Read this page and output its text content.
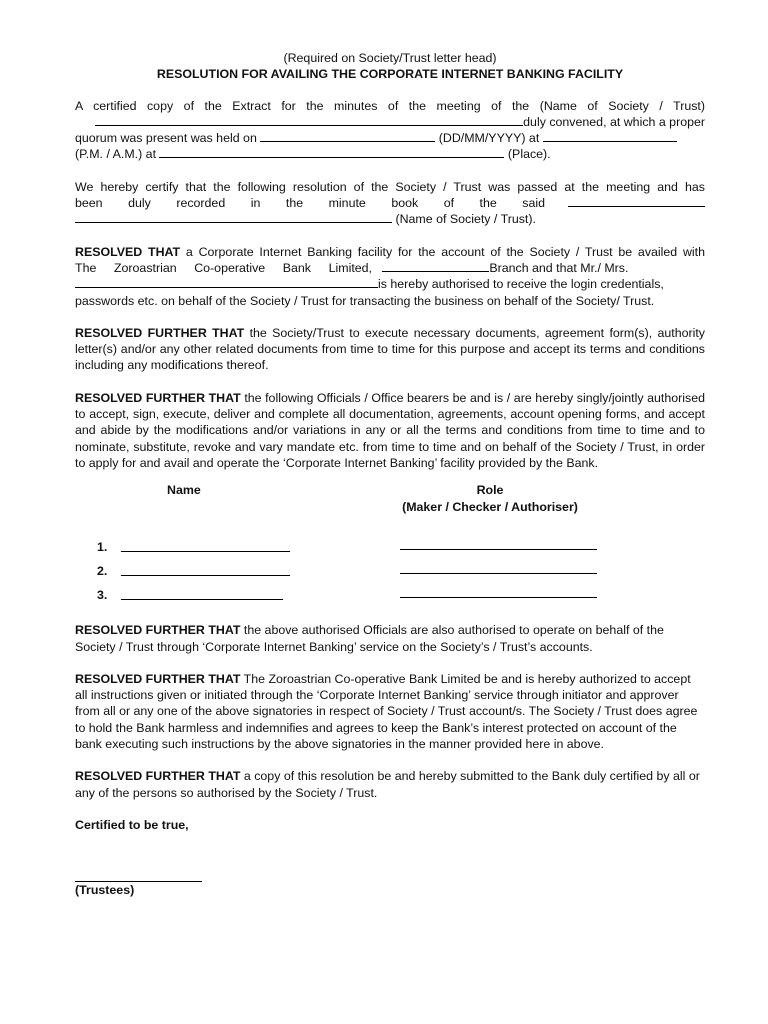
(Required on Society/Trust letter head)

RESOLUTION FOR AVAILING THE CORPORATE INTERNET BANKING FACILITY

A certified copy of the Extract for the minutes of the meeting of the (Name of Society / Trust)

duly convened, at which a proper

quorum was present was held on	(DD/MM/YYYY) at

(P.M. / A.M.) at	(Place).

We hereby certify that the following resolution of the Society / Trust was passed at the meeting and has

been duly recorded in the minute book of the said

(Name of Society / Trust).

RESOLVED THAT a Corporate Internet Banking facility for the account of the Society / Trust be availed with

The Zoroastrian Co-operative Bank Limited,	Branch and that Mr./ Mrs.

is hereby authorised to receive the login credentials,

passwords etc. on behalf of the Society / Trust for transacting the business on behalf of the Society/ Trust.

RESOLVED FURTHER THAT the Society/Trust to execute necessary documents, agreement form(s), authority letter(s) and/or any other related documents from time to time for this purpose and accept its terms and conditions including any modifications thereof.

RESOLVED FURTHER THAT the following Officials / Office bearers be and is / are hereby singly/jointly authorised to accept, sign, execute, deliver and complete all documentation, agreements, account opening forms, and accept and abide by the modifications and/or variations in any or all the terms and conditions from time to time and to nominate, substitute, revoke and vary mandate etc. from time to time and on behalf of the Society / Trust, in order to apply for and avail and operate the ‘Corporate Internet Banking’ facility provided by the Bank.

Name	Role
(Maker / Checker / Authoriser)
1.
2.
3.

RESOLVED FURTHER THAT the above authorised Officials are also authorised to operate on behalf of the Society / Trust through ‘Corporate Internet Banking’ service on the Society’s / Trust’s accounts.

RESOLVED FURTHER THAT The Zoroastrian Co-operative Bank Limited be and is hereby authorized to accept all instructions given or initiated through the ‘Corporate Internet Banking’ service through initiator and approver from all or any one of the above signatories in respect of Society / Trust account/s. The Society / Trust does agree to hold the Bank harmless and indemnifies and agrees to keep the Bank’s interest protected on account of the bank executing such instructions by the above signatories in the manner provided here in above.

RESOLVED FURTHER THAT a copy of this resolution be and hereby submitted to the Bank duly certified by all or any of the persons so authorised by the Society / Trust.

Certified to be true,

(Trustees)
